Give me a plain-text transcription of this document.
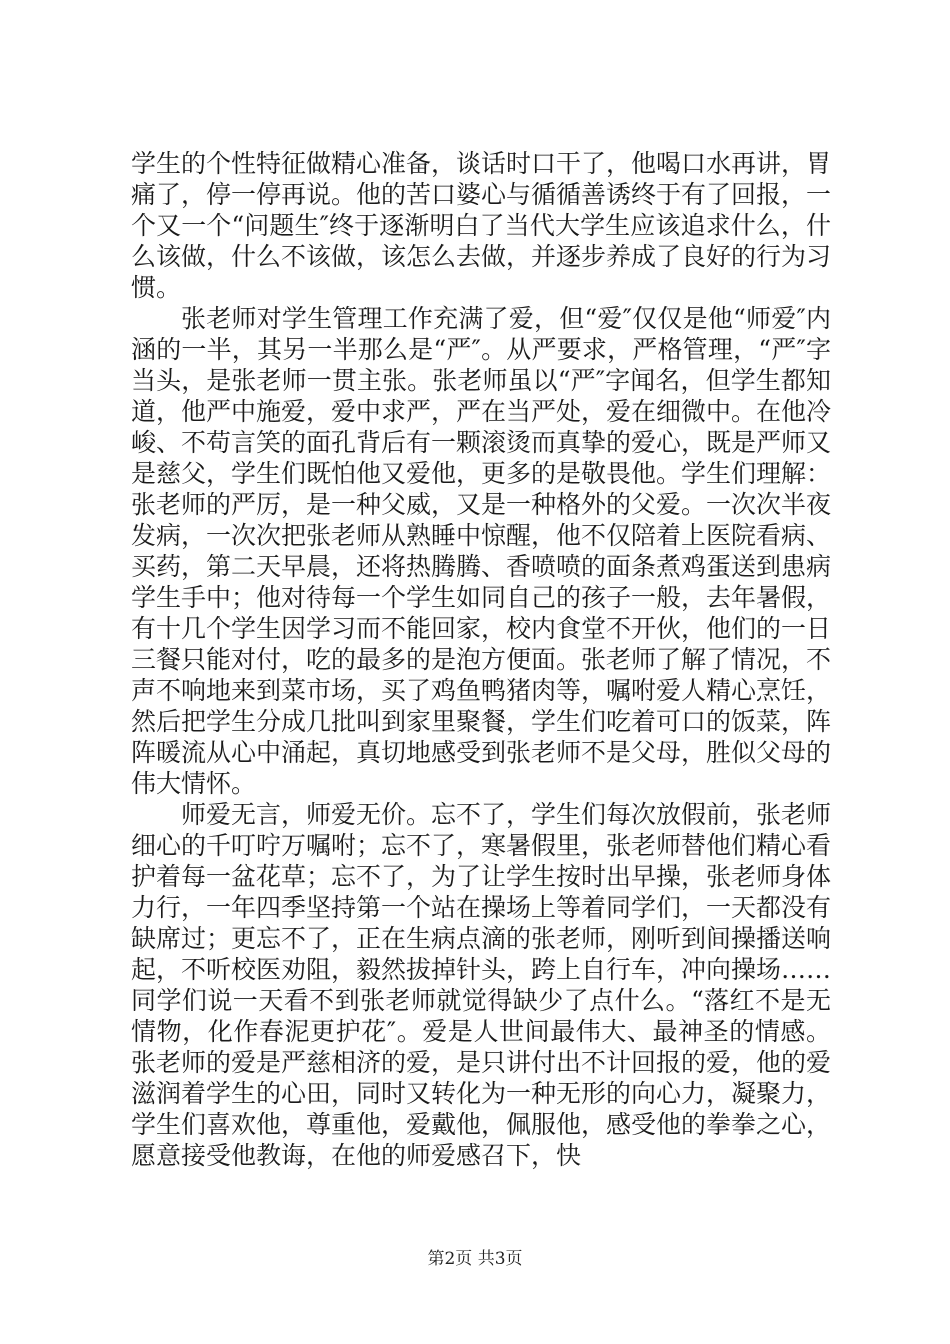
学生的个性特征做精心准备，谈话时口干了，他喝口水再讲，胃痛了，停一停再说。他的苦口婆心与循循善诱终于有了回报，一个又一个“问题生″终于逐渐明白了当代大学生应该追求什么，什么该做，什么不该做，该怎么去做，并逐步养成了良好的行为习惯。

张老师对学生管理工作充满了爱，但“爱″仅仅是他“师爱″内涵的一半，其另一半那么是“严″。从严要求，严格管理，“严″字当头，是张老师一贯主张。张老师虽以“严″字闻名，但学生都知道，他严中施爱，爱中求严，严在当严处，爱在细微中。在他冷峻、不苟言笑的面孔背后有一颗滚烫而真挚的爱心，既是严师又是慈父，学生们既怕他又爱他，更多的是敬畏他。学生们理解：张老师的严厉，是一种父威，又是一种格外的父爱。一次次半夜发病，一次次把张老师从熟睡中惊醒，他不仅陪着上医院看病、买药，第二天早晨，还将热腾腾、香喷喷的面条煮鸡蛋送到患病学生手中；他对待每一个学生如同自己的孩子一般，去年暑假，有十几个学生因学习而不能回家，校内食堂不开伙，他们的一日三餐只能对付，吃的最多的是泡方便面。张老师了解了情况，不声不响地来到菜市场，买了鸡鱼鸭猪肉等，嘱咐爱人精心烹饪，然后把学生分成几批叫到家里聚餐，学生们吃着可口的饭菜，阵阵暖流从心中涌起，真切地感受到张老师不是父母，胜似父母的伟大情怀。

师爱无言，师爱无价。忘不了，学生们每次放假前，张老师细心的千叮咛万嘱咐；忘不了，寒暑假里，张老师替他们精心看护着每一盆花草；忘不了，为了让学生按时出早操，张老师身体力行，一年四季坚持第一个站在操场上等着同学们，一天都没有缺席过；更忘不了，正在生病点滴的张老师，刚听到间操播送响起，不听校医劝阻，毅然拔掉针头，跨上自行车，冲向操场……同学们说一天看不到张老师就觉得缺少了点什么。“落红不是无情物，化作春泥更护花″。爱是人世间最伟大、最神圣的情感。张老师的爱是严慈相济的爱，是只讲付出不计回报的爱，他的爱滋润着学生的心田，同时又转化为一种无形的向心力，凝聚力，学生们喜欢他，尊重他，爱戴他，佩服他，感受他的拳拳之心，愿意接受他教诲，在他的师爱感召下，快

第2页 共3页
